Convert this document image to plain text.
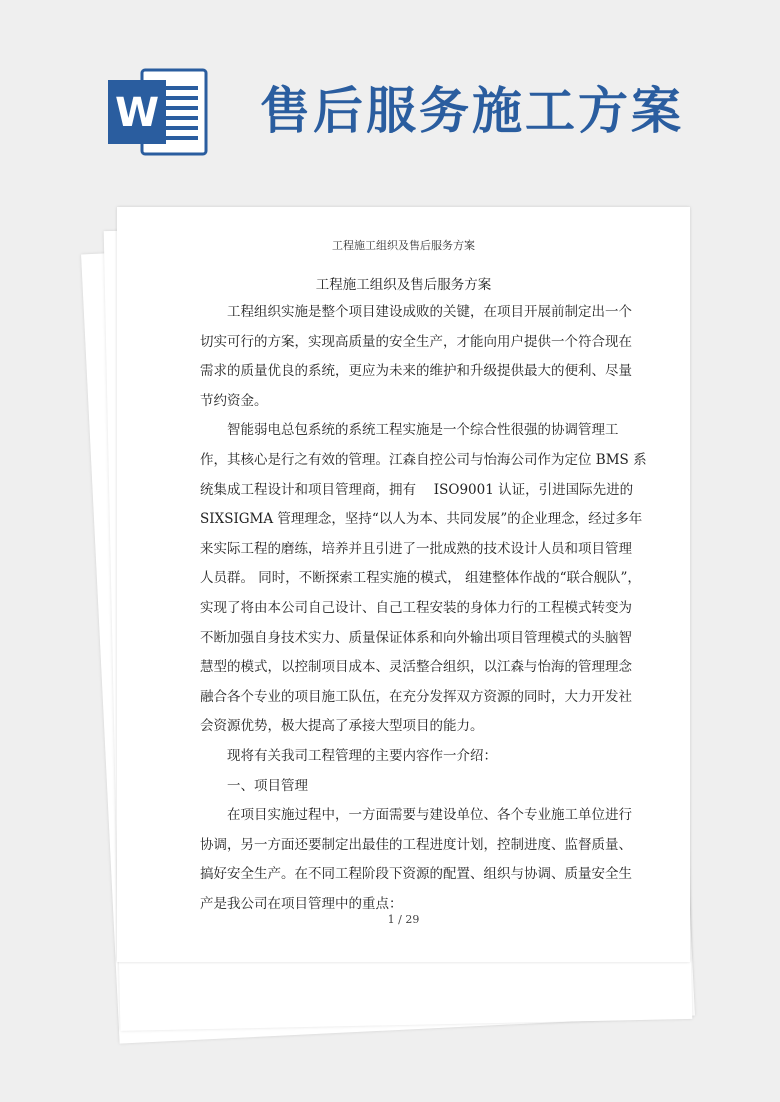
W 售后服务施工方案
工程施工组织及售后服务方案
工程施工组织及售后服务方案
　　工程组织实施是整个项目建设成败的关键，在项目开展前制定出一个
切实可行的方案，实现高质量的安全生产，才能向用户提供一个符合现在
需求的质量优良的系统，更应为未来的维护和升级提供最大的便利、尽量
节约资金。
　　智能弱电总包系统的系统工程实施是一个综合性很强的协调管理工
作，其核心是行之有效的管理。江森自控公司与怡海公司作为定位 BMS 系
统集成工程设计和项目管理商，拥有　 ISO9001 认证，引进国际先进的
SIXSIGMA 管理理念，坚持“以人为本、共同发展”的企业理念，经过多年
来实际工程的磨练，培养并且引进了一批成熟的技术设计人员和项目管理
人员群。 同时，不断探索工程实施的模式， 组建整体作战的“联合舰队”，
实现了将由本公司自己设计、自己工程安装的身体力行的工程模式转变为
不断加强自身技术实力、质量保证体系和向外输出项目管理模式的头脑智
慧型的模式，以控制项目成本、灵活整合组织，以江森与怡海的管理理念
融合各个专业的项目施工队伍，在充分发挥双方资源的同时，大力开发社
会资源优势，极大提高了承接大型项目的能力。
　　现将有关我司工程管理的主要内容作一介绍：
　　一、项目管理
　　在项目实施过程中，一方面需要与建设单位、各个专业施工单位进行
协调，另一方面还要制定出最佳的工程进度计划，控制进度、监督质量、
搞好安全生产。在不同工程阶段下资源的配置、组织与协调、质量安全生
产是我公司在项目管理中的重点：
1 / 29
